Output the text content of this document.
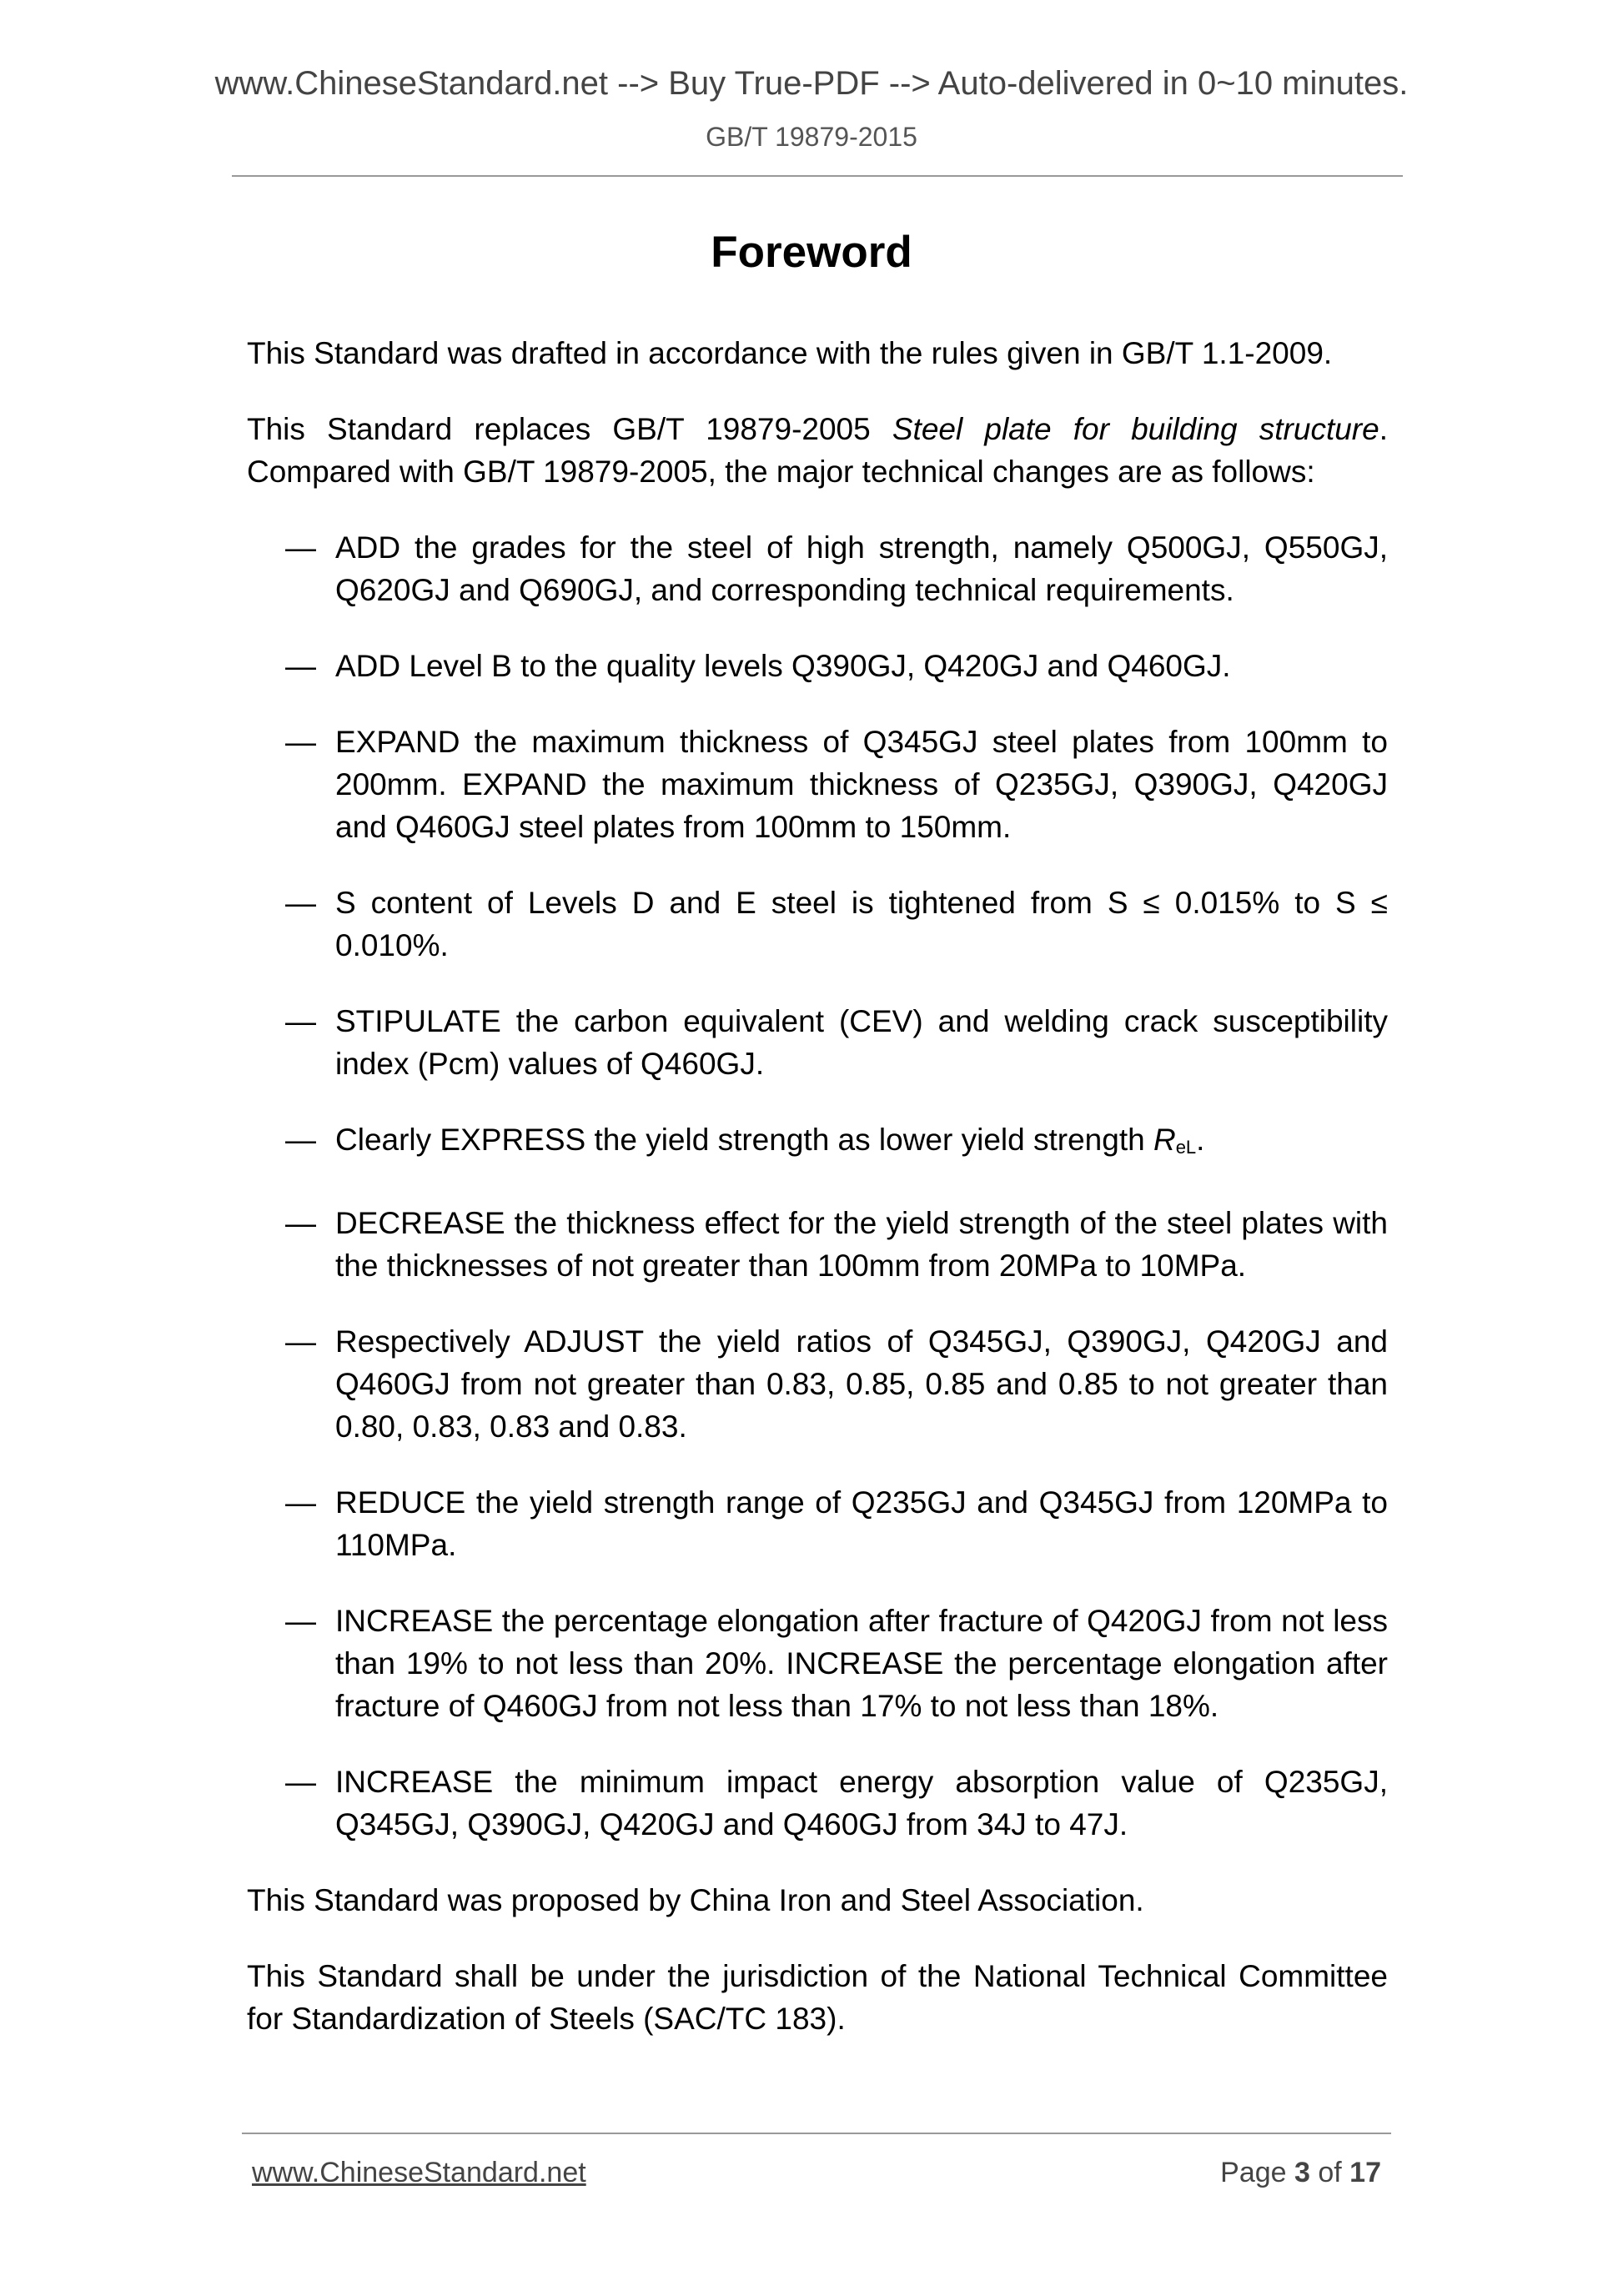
www.ChineseStandard.net --> Buy True-PDF --> Auto-delivered in 0~10 minutes.
GB/T 19879-2015
Foreword

This Standard was drafted in accordance with the rules given in GB/T 1.1-2009.

This Standard replaces GB/T 19879-2005 Steel plate for building structure. Compared with GB/T 19879-2005, the major technical changes are as follows:

— ADD the grades for the steel of high strength, namely Q500GJ, Q550GJ, Q620GJ and Q690GJ, and corresponding technical requirements.
— ADD Level B to the quality levels Q390GJ, Q420GJ and Q460GJ.
— EXPAND the maximum thickness of Q345GJ steel plates from 100mm to 200mm. EXPAND the maximum thickness of Q235GJ, Q390GJ, Q420GJ and Q460GJ steel plates from 100mm to 150mm.
— S content of Levels D and E steel is tightened from S ≤ 0.015% to S ≤ 0.010%.
— STIPULATE the carbon equivalent (CEV) and welding crack susceptibility index (Pcm) values of Q460GJ.
— Clearly EXPRESS the yield strength as lower yield strength $R_{eL}$.
— DECREASE the thickness effect for the yield strength of the steel plates with the thicknesses of not greater than 100mm from 20MPa to 10MPa.
— Respectively ADJUST the yield ratios of Q345GJ, Q390GJ, Q420GJ and Q460GJ from not greater than 0.83, 0.85, 0.85 and 0.85 to not greater than 0.80, 0.83, 0.83 and 0.83.
— REDUCE the yield strength range of Q235GJ and Q345GJ from 120MPa to 110MPa.
— INCREASE the percentage elongation after fracture of Q420GJ from not less than 19% to not less than 20%. INCREASE the percentage elongation after fracture of Q460GJ from not less than 17% to not less than 18%.
— INCREASE the minimum impact energy absorption value of Q235GJ, Q345GJ, Q390GJ, Q420GJ and Q460GJ from 34J to 47J.

This Standard was proposed by China Iron and Steel Association.

This Standard shall be under the jurisdiction of the National Technical Committee for Standardization of Steels (SAC/TC 183).

www.ChineseStandard.net	Page 3 of 17
